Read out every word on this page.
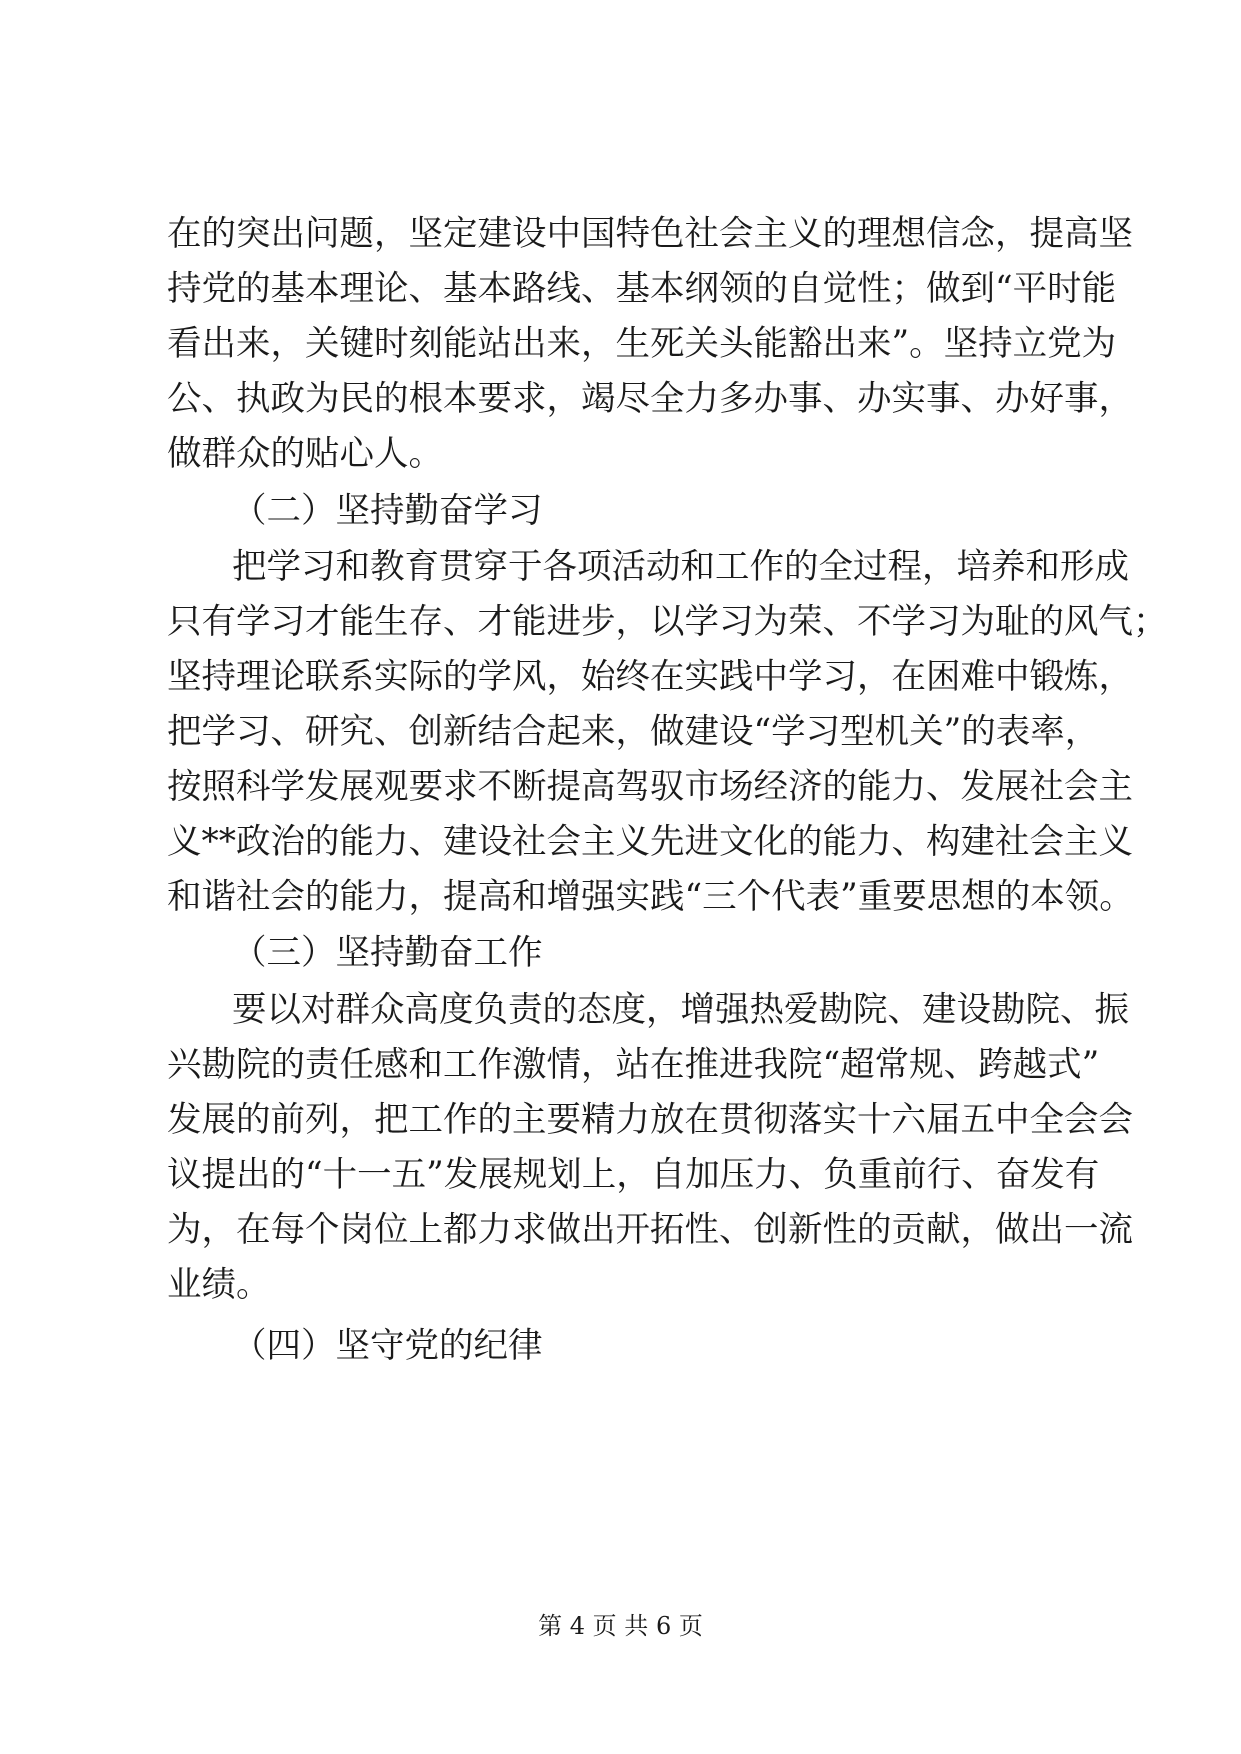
在的突出问题，坚定建设中国特色社会主义的理想信念，提高坚
持党的基本理论、基本路线、基本纲领的自觉性；做到“平时能
看出来，关键时刻能站出来，生死关头能豁出来”。坚持立党为
公、执政为民的根本要求，竭尽全力多办事、办实事、办好事，
做群众的贴心人。
（二）坚持勤奋学习
把学习和教育贯穿于各项活动和工作的全过程，培养和形成
只有学习才能生存、才能进步，以学习为荣、不学习为耻的风气；
坚持理论联系实际的学风，始终在实践中学习，在困难中锻炼，
把学习、研究、创新结合起来，做建设“学习型机关”的表率，
按照科学发展观要求不断提高驾驭市场经济的能力、发展社会主
义**政治的能力、建设社会主义先进文化的能力、构建社会主义
和谐社会的能力，提高和增强实践“三个代表”重要思想的本领。
（三）坚持勤奋工作
要以对群众高度负责的态度，增强热爱勘院、建设勘院、振
兴勘院的责任感和工作激情，站在推进我院“超常规、跨越式”
发展的前列，把工作的主要精力放在贯彻落实十六届五中全会会
议提出的“十一五”发展规划上，自加压力、负重前行、奋发有
为，在每个岗位上都力求做出开拓性、创新性的贡献，做出一流
业绩。
（四）坚守党的纪律
第 4 页 共 6 页
